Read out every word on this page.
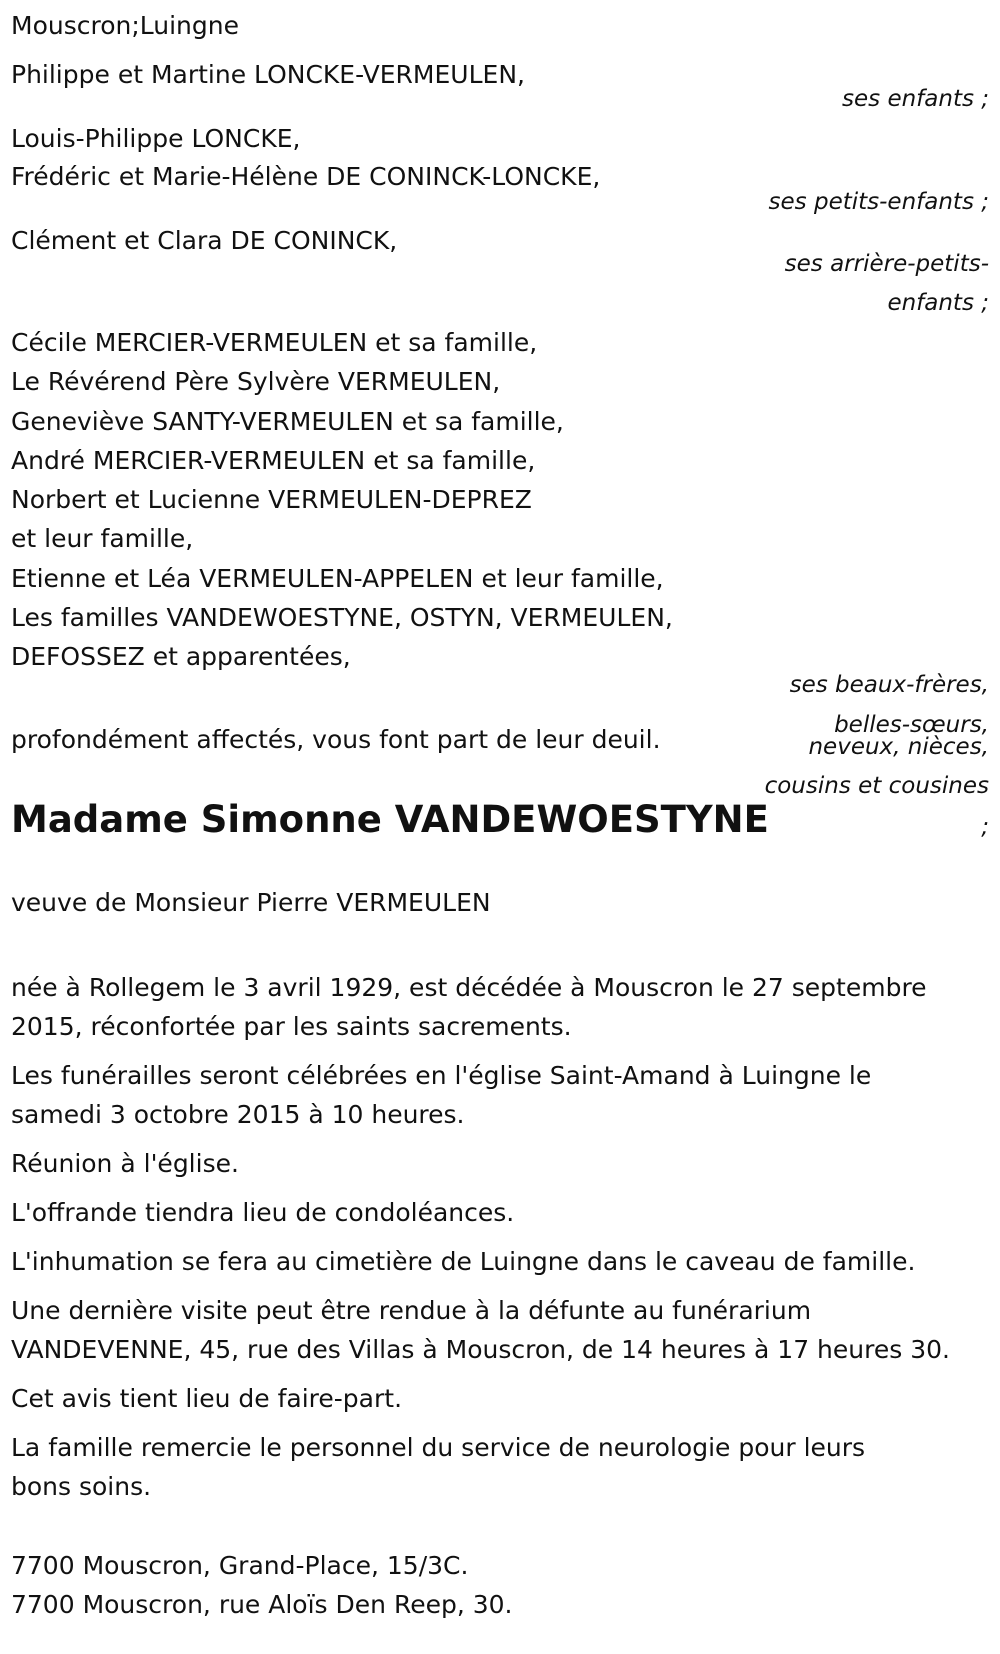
Mouscron;Luingne

Philippe et Martine LONCKE-VERMEULEN,

ses enfants ;

Louis-Philippe LONCKE,

Frédéric et Marie-Hélène DE CONINCK-LONCKE,

ses petits-enfants ;

Clément et Clara DE CONINCK,

ses arrière-petits-

enfants ;

Cécile MERCIER-VERMEULEN et sa famille,

Le Révérend Père Sylvère VERMEULEN,

Geneviève SANTY-VERMEULEN et sa famille,

André MERCIER-VERMEULEN et sa famille,

Norbert et Lucienne VERMEULEN-DEPREZ

et leur famille,

Etienne et Léa VERMEULEN-APPELEN et leur famille,

Les familles VANDEWOESTYNE, OSTYN, VERMEULEN,

DEFOSSEZ et apparentées,

ses beaux-frères,

belles-sœurs,

neveux, nièces,

cousins et cousines

;

profondément affectés, vous font part de leur deuil.

Madame Simonne VANDEWOESTYNE

veuve de Monsieur Pierre VERMEULEN

née à Rollegem le 3 avril 1929, est décédée à Mouscron le 27 septembre

2015, réconfortée par les saints sacrements.

Les funérailles seront célébrées en l'église Saint-Amand à Luingne le

samedi 3 octobre 2015 à 10 heures.

Réunion à l'église.

L'offrande tiendra lieu de condoléances.

L'inhumation se fera au cimetière de Luingne dans le caveau de famille.

Une dernière visite peut être rendue à la défunte au funérarium

VANDEVENNE, 45, rue des Villas à Mouscron, de 14 heures à 17 heures 30.

Cet avis tient lieu de faire-part.

La famille remercie le personnel du service de neurologie pour leurs

bons soins.

7700 Mouscron, Grand-Place, 15/3C.

7700 Mouscron, rue Aloïs Den Reep, 30.
